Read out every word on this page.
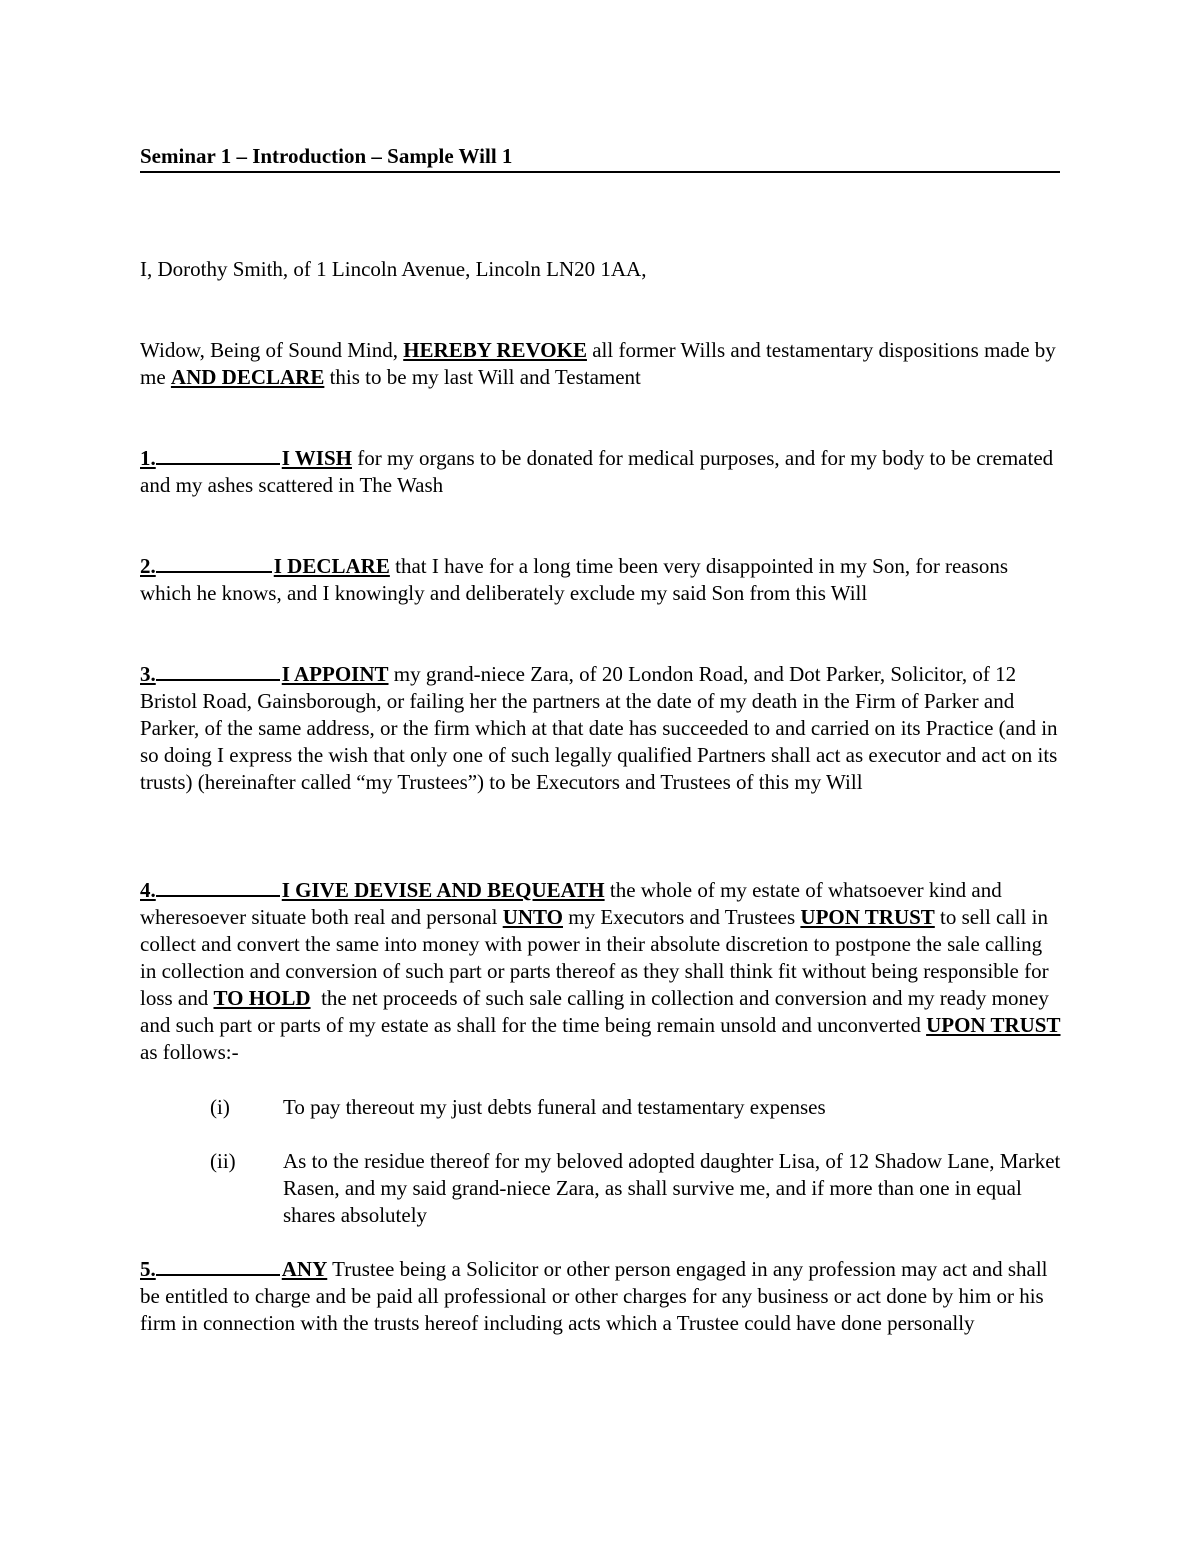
Seminar 1 – Introduction – Sample Will 1

I, Dorothy Smith, of 1 Lincoln Avenue, Lincoln LN20 1AA,

Widow, Being of Sound Mind, HEREBY REVOKE all former Wills and testamentary dispositions made by me AND DECLARE this to be my last Will and Testament

1.	I WISH for my organs to be donated for medical purposes, and for my body to be cremated and my ashes scattered in The Wash

2.	I DECLARE that I have for a long time been very disappointed in my Son, for reasons which he knows, and I knowingly and deliberately exclude my said Son from this Will

3.	I APPOINT my grand-niece Zara, of 20 London Road, and Dot Parker, Solicitor, of 12 Bristol Road, Gainsborough, or failing her the partners at the date of my death in the Firm of Parker and Parker, of the same address, or the firm which at that date has succeeded to and carried on its Practice (and in so doing I express the wish that only one of such legally qualified Partners shall act as executor and act on its trusts) (hereinafter called “my Trustees”) to be Executors and Trustees of this my Will

4.	I GIVE DEVISE AND BEQUEATH the whole of my estate of whatsoever kind and wheresoever situate both real and personal UNTO my Executors and Trustees UPON TRUST to sell call in collect and convert the same into money with power in their absolute discretion to postpone the sale calling in collection and conversion of such part or parts thereof as they shall think fit without being responsible for loss and TO HOLD  the net proceeds of such sale calling in collection and conversion and my ready money and such part or parts of my estate as shall for the time being remain unsold and unconverted UPON TRUST  as follows:-

(i)	To pay thereout my just debts funeral and testamentary expenses
(ii)	As to the residue thereof for my beloved adopted daughter Lisa, of 12 Shadow Lane, Market Rasen, and my said grand-niece Zara, as shall survive me, and if more than one in equal shares absolutely

5.	ANY Trustee being a Solicitor or other person engaged in any profession may act and shall be entitled to charge and be paid all professional or other charges for any business or act done by him or his firm in connection with the trusts hereof including acts which a Trustee could have done personally
